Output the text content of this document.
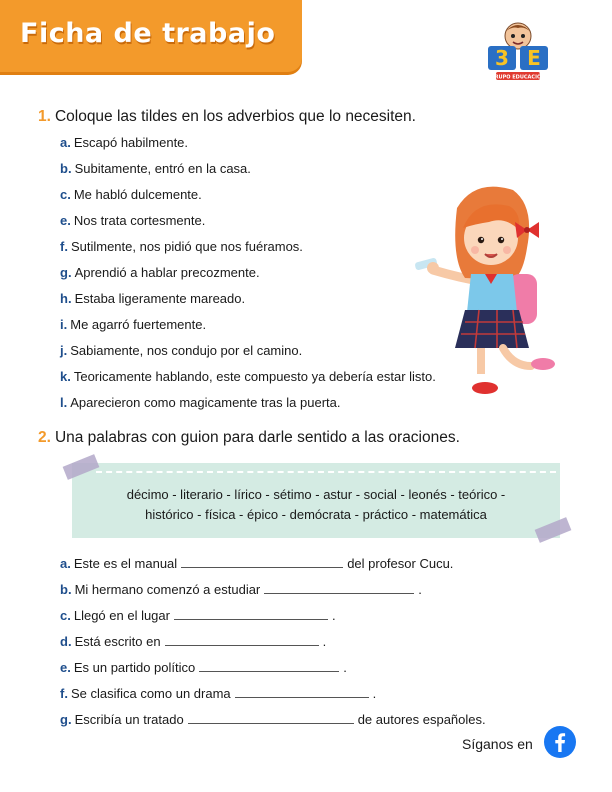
Ficha de trabajo
3 E
GRUPO EDUCACIÓN
1. Coloque las tildes en los adverbios que lo necesiten.
a. Escapó habilmente.
b. Subitamente, entró en la casa.
c. Me habló dulcemente.
e. Nos trata cortesmente.
f. Sutilmente, nos pidió que nos fuéramos.
g. Aprendió a hablar precozmente.
h. Estaba ligeramente mareado.
i. Me agarró fuertemente.
j. Sabiamente, nos condujo por el camino.
k. Teoricamente hablando, este compuesto ya debería estar listo.
l. Aparecieron como magicamente tras la puerta.
2. Una palabras con guion para darle sentido a las oraciones.
décimo - literario - lírico - sétimo - astur - social - leonés - teórico -
histórico - física - épico - demócrata - práctico - matemática
a. Este es el manual	del profesor Cucu.
b. Mi hermano comenzó a estudiar	.
c. Llegó en el lugar	.
d. Está escrito en	.
e. Es un partido político	.
f. Se clasifica como un drama	.
g. Escribía un tratado	de autores españoles.
Síganos en
